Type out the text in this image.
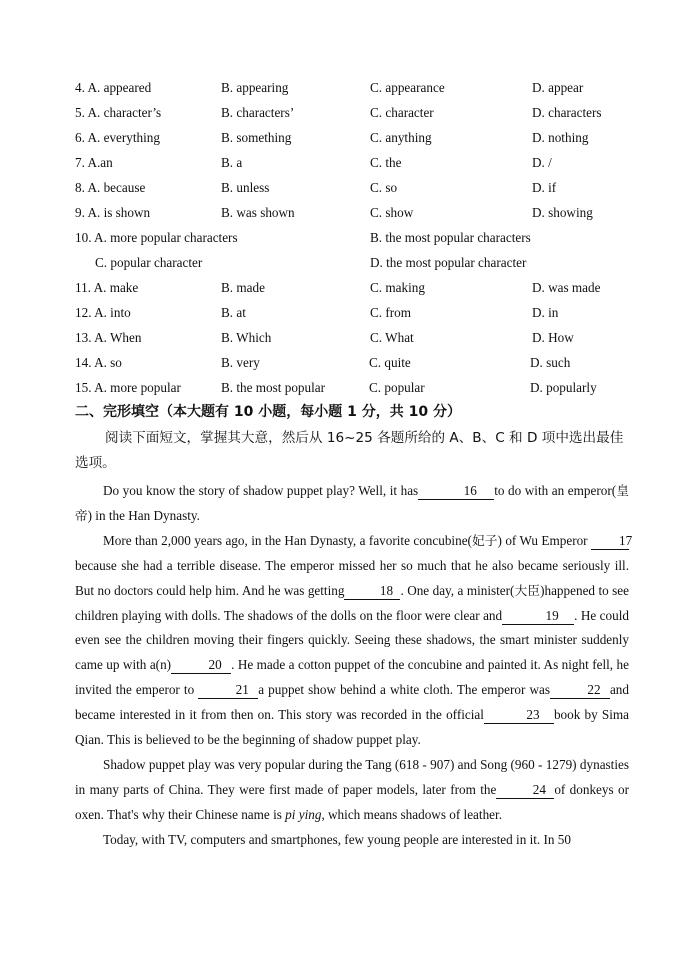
4. A. appeared	B. appearing	C. appearance	D. appear
5. A. character’s	B. characters’	C. character	D. characters
6. A. everything	B. something	C. anything	D. nothing
7. A.an	B. a	C. the	D. /
8. A. because	B. unless	C. so	D. if
9. A. is shown	B. was shown	C. show	D. showing
10. A. more popular characters	B. the most popular characters
C. popular character	D. the most popular character
11. A. make	B. made	C. making	D. was made
12. A. into	B. at	C. from	D. in
13. A. When	B. Which	C. What	D. How
14. A. so	B. very	C. quite	D. such
15. A. more popular	B. the most popular	C. popular	D. popularly
二、完形填空（本大题有 10 小题，每小题 1 分，共 10 分）
阅读下面短文，掌握其大意，然后从 16~25 各题所给的 A、B、C 和 D 项中选出最佳选项。

Do you know the story of shadow puppet play? Well, it has	16 to do with an emperor(皇帝) in the Han Dynasty.

More than 2,000 years ago, in the Han Dynasty, a favorite concubine(妃子) of Wu Emperor 17because she had a terrible disease. The emperor missed her so much that he also became seriously ill. But no doctors could help him. And he was getting	18 . One day, a minister(大臣)happened to see children playing with dolls. The shadows of the dolls on the floor were clear and	19 . He could even see the children moving their fingers quickly. Seeing these shadows, the smart minister suddenly came up with a(n)	20 . He made a cotton puppet of the concubine and painted it. As night fell, he invited the emperor to	21 a puppet show behind a white cloth. The emperor was	22 and became interested in it from then on. This story was recorded in the official	23 book by Sima Qian. This is believed to be the beginning of shadow puppet play.

Shadow puppet play was very popular during the Tang (618 - 907) and Song (960 - 1279) dynasties in many parts of China. They were first made of paper models, later from the	24 of donkeys or oxen. That's why their Chinese name is pi ying, which means shadows of leather.

Today, with TV, computers and smartphones, few young people are interested in it. In 50
